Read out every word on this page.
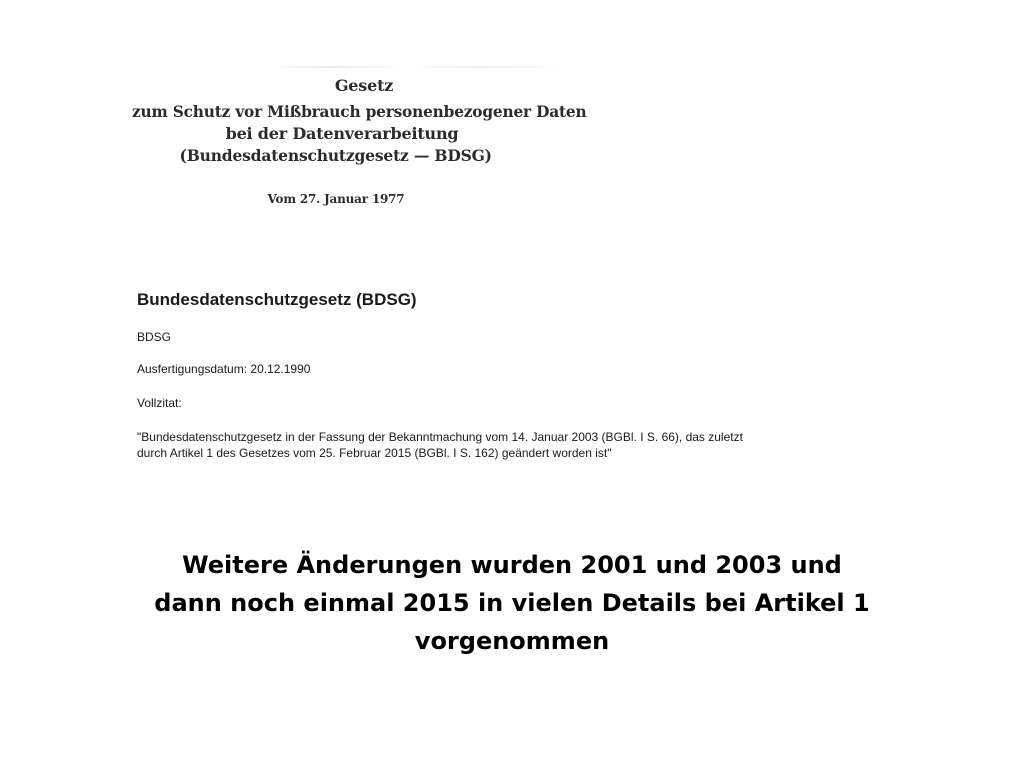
Gesetz
zum Schutz vor Mißbrauch personenbezogener Daten
bei der Datenverarbeitung
(Bundesdatenschutzgesetz — BDSG)
Vom 27. Januar 1977
Bundesdatenschutzgesetz (BDSG)
BDSG
Ausfertigungsdatum: 20.12.1990
Vollzitat:
"Bundesdatenschutzgesetz in der Fassung der Bekanntmachung vom 14. Januar 2003 (BGBl. I S. 66), das zuletzt
durch Artikel 1 des Gesetzes vom 25. Februar 2015 (BGBl. I S. 162) geändert worden ist"
Weitere Änderungen wurden 2001 und 2003 und
dann noch einmal 2015 in vielen Details bei Artikel 1
vorgenommen
